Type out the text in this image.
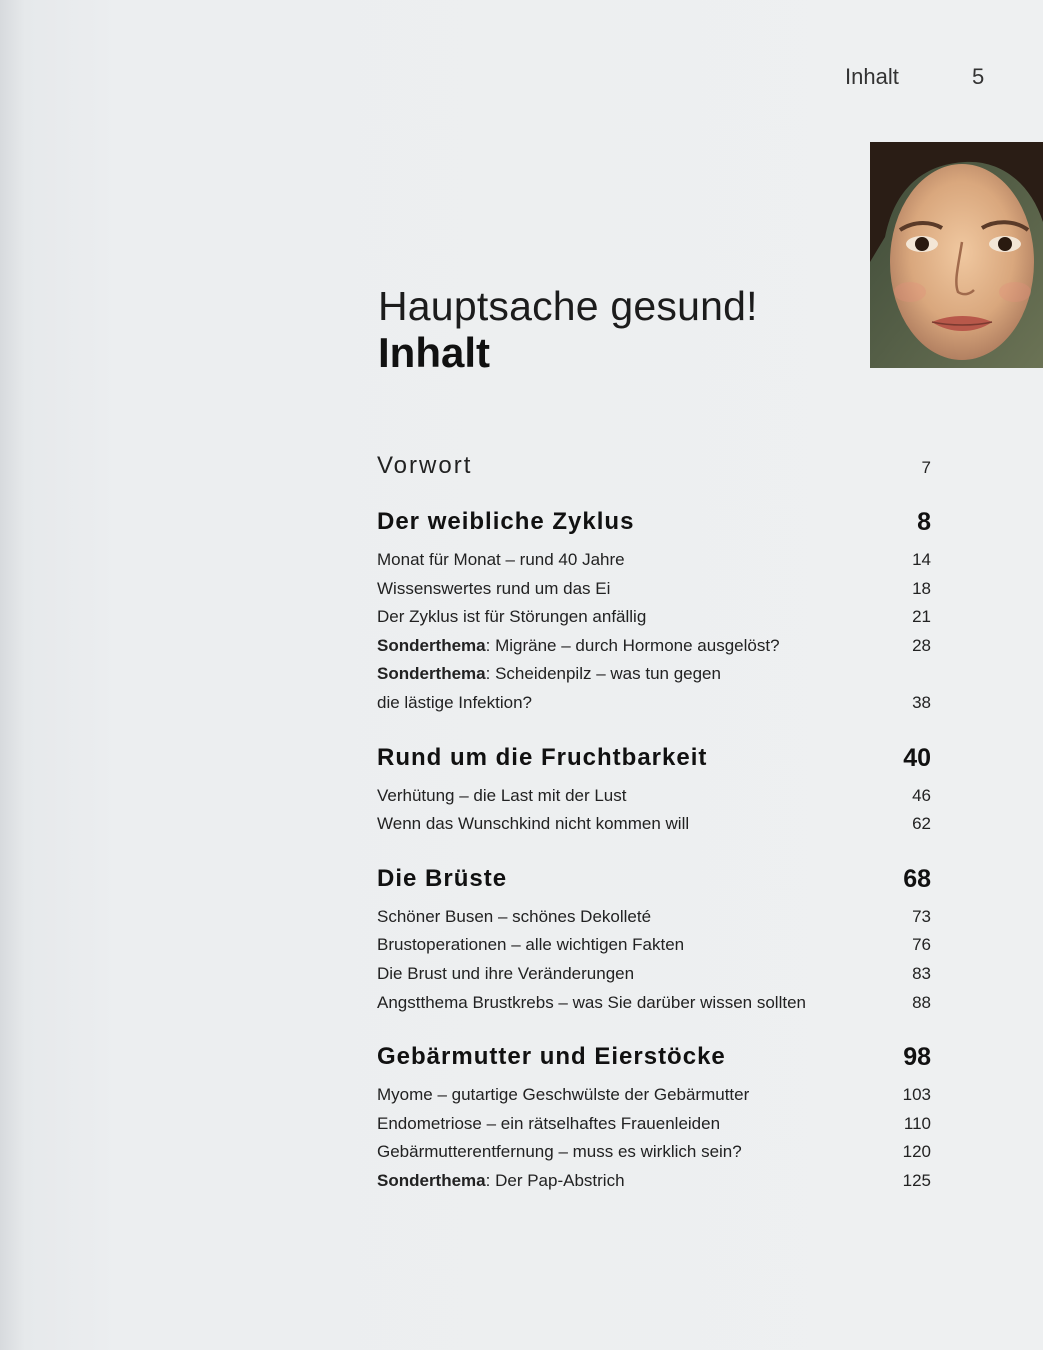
Inhalt	5
Hauptsache gesund!
Inhalt
Vorwort	7
Der weibliche Zyklus	8
Monat für Monat – rund 40 Jahre	14
Wissenswertes rund um das Ei	18
Der Zyklus ist für Störungen anfällig	21
Sonderthema: Migräne – durch Hormone ausgelöst?	28
Sonderthema: Scheidenpilz – was tun gegen
die lästige Infektion?	38
Rund um die Fruchtbarkeit	40
Verhütung – die Last mit der Lust	46
Wenn das Wunschkind nicht kommen will	62
Die Brüste	68
Schöner Busen – schönes Dekolleté	73
Brustoperationen – alle wichtigen Fakten	76
Die Brust und ihre Veränderungen	83
Angstthema Brustkrebs – was Sie darüber wissen sollten	88
Gebärmutter und Eierstöcke	98
Myome – gutartige Geschwülste der Gebärmutter	103
Endometriose – ein rätselhaftes Frauenleiden	110
Gebärmutterentfernung – muss es wirklich sein?	120
Sonderthema: Der Pap-Abstrich	125
